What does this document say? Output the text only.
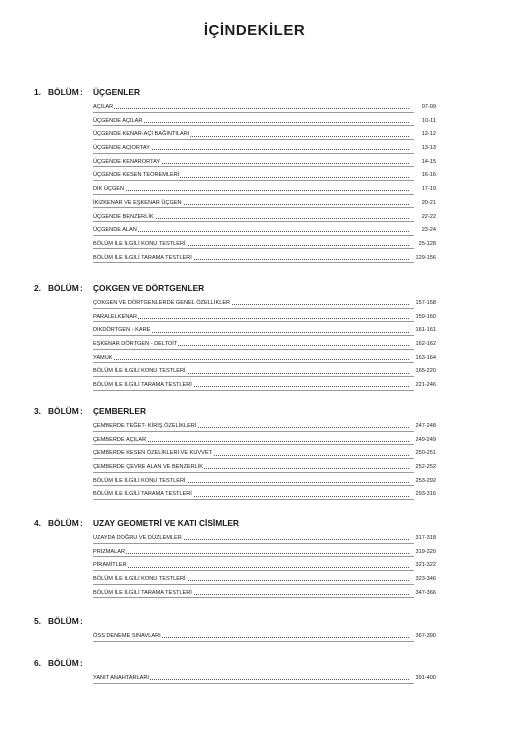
İÇİNDEKİLER
1. BÖLÜM : ÜÇGENLER
AÇILAR	07-09
ÜÇGENDE AÇILAR	10-11
ÜÇGENDE KENAR-AÇI BAĞINTILARI	12-12
ÜÇGENDE AÇIORTAY	13-13
ÜÇGENDE KENARORTAY	14-15
ÜÇGENDE KESEN TEOREMLERİ	16-16
DİK ÜÇGEN	17-19
İKİZKENAR VE EŞKENAR ÜÇGEN	20-21
ÜÇGENDE BENZERLİK	22-22
ÜÇGENDE ALAN	23-24
BÖLÜM İLE İLGİLİ KONU TESTLERİ	25-128
BÖLÜM İLE İLGİLİ TARAMA TESTLERİ	129-156
2. BÖLÜM : ÇOKGEN VE DÖRTGENLER
ÇOKGEN VE DÖRTGENLERDE GENEL ÖZELLİKLER	157-158
PARALELKENAR	159-160
DİKDÖRTGEN - KARE	161-161
EŞKENAR DÖRTGEN - DELTOİT	162-162
YAMUK	163-164
BÖLÜM İLE İLGİLİ KONU TESTLERİ	165-220
BÖLÜM İLE İLGİLİ TARAMA TESTLERİ	221-246
3. BÖLÜM : ÇEMBERLER
ÇEMBERDE TEĞET- KİRİŞ ÖZELİKLERİ	247-248
ÇEMBERDE AÇILAR	249-249
ÇEMBERDE KESEN ÖZELİKLERİ VE KUVVET	250-251
ÇEMBERDE ÇEVRE ALAN VE BENZERLİK	252-252
BÖLÜM İLE İLGİLİ KONU TESTLERİ	253-292
BÖLÜM İLE İLGİLİ TARAMA TESTLERİ	293-316
4. BÖLÜM : UZAY GEOMETRİ VE KATI CİSİMLER
UZAYDA DOĞRU VE DÜZLEMLER	317-318
PRİZMALAR	319-320
PİRAMİTLER	321-322
BÖLÜM İLE İLGİLİ KONU TESTLERİ	323-346
BÖLÜM İLE İLGİLİ TARAMA TESTLERİ	347-366
5. BÖLÜM :
ÖSS DENEME SINAVLARI	367-390
6. BÖLÜM :
YANIT ANAHTARLARI	391-400
